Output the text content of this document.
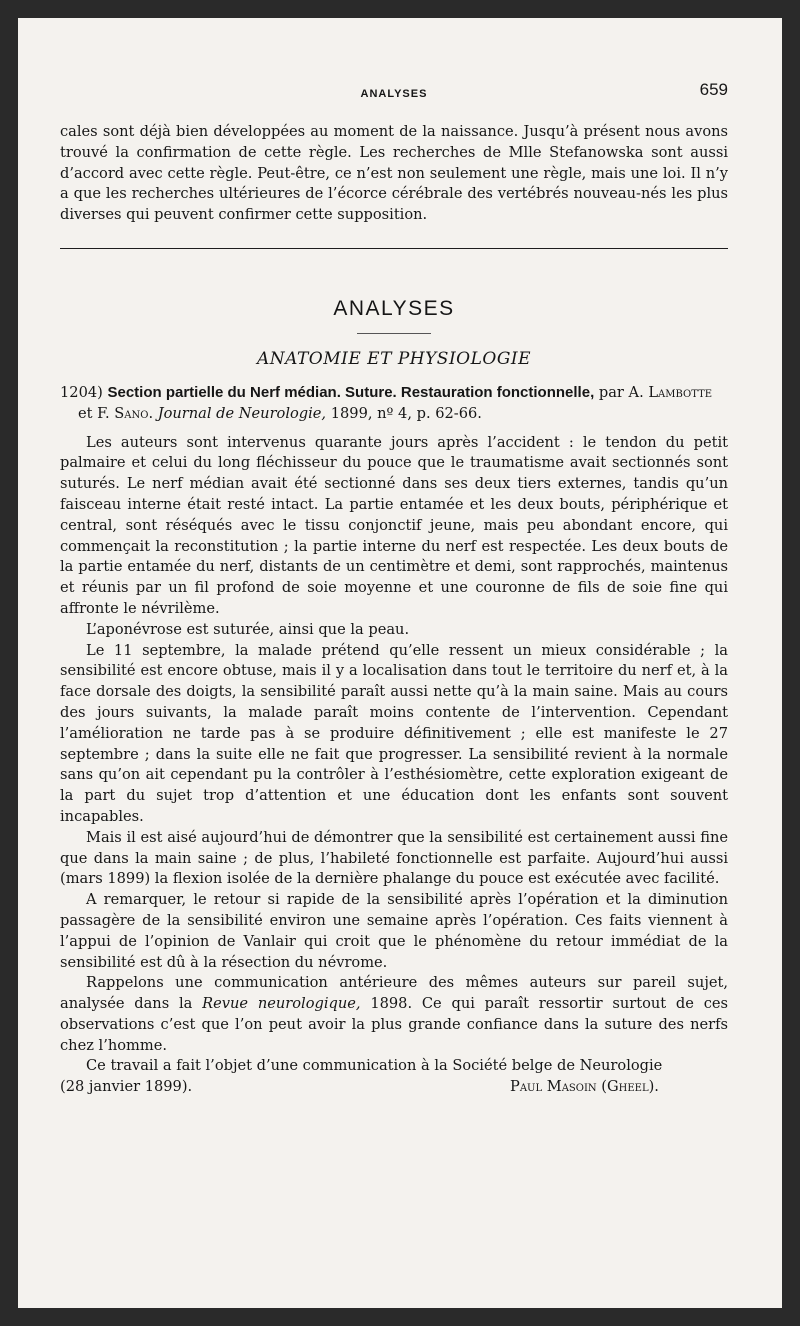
ANALYSES	659

cales sont déjà bien développées au moment de la naissance. Jusqu’à présent nous avons trouvé la confirmation de cette règle. Les recherches de Mlle Stefanowska sont aussi d’accord avec cette règle. Peut-être, ce n’est non seulement une règle, mais une loi. Il n’y a que les recherches ultérieures de l’écorce cérébrale des vertébrés nouveau-nés les plus diverses qui peuvent confirmer cette supposition.

ANALYSES
ANATOMIE ET PHYSIOLOGIE

1204) Section partielle du Nerf médian. Suture. Restauration fonctionnelle, par A. Lambotte et F. Sano. Journal de Neurologie, 1899, nº 4, p. 62-66.

Les auteurs sont intervenus quarante jours après l’accident : le tendon du petit palmaire et celui du long fléchisseur du pouce que le traumatisme avait sectionnés sont suturés. Le nerf médian avait été sectionné dans ses deux tiers externes, tandis qu’un faisceau interne était resté intact. La partie entamée et les deux bouts, périphérique et central, sont réséqués avec le tissu conjonctif jeune, mais peu abondant encore, qui commençait la reconstitution ; la partie interne du nerf est respectée. Les deux bouts de la partie entamée du nerf, distants de un centimètre et demi, sont rapprochés, maintenus et réunis par un fil profond de soie moyenne et une couronne de fils de soie fine qui affronte le névrilème.

L’aponévrose est suturée, ainsi que la peau.

Le 11 septembre, la malade prétend qu’elle ressent un mieux considérable ; la sensibilité est encore obtuse, mais il y a localisation dans tout le territoire du nerf et, à la face dorsale des doigts, la sensibilité paraît aussi nette qu’à la main saine. Mais au cours des jours suivants, la malade paraît moins contente de l’intervention. Cependant l’amélioration ne tarde pas à se produire définitivement ; elle est manifeste le 27 septembre ; dans la suite elle ne fait que progresser. La sensibilité revient à la normale sans qu’on ait cependant pu la contrôler à l’esthésiomètre, cette exploration exigeant de la part du sujet trop d’attention et une éducation dont les enfants sont souvent incapables.

Mais il est aisé aujourd’hui de démontrer que la sensibilité est certainement aussi fine que dans la main saine ; de plus, l’habileté fonctionnelle est parfaite. Aujourd’hui aussi (mars 1899) la flexion isolée de la dernière phalange du pouce est exécutée avec facilité.

A remarquer, le retour si rapide de la sensibilité après l’opération et la diminution passagère de la sensibilité environ une semaine après l’opération. Ces faits viennent à l’appui de l’opinion de Vanlair qui croit que le phénomène du retour immédiat de la sensibilité est dû à la résection du névrome.

Rappelons une communication antérieure des mêmes auteurs sur pareil sujet, analysée dans la Revue neurologique, 1898. Ce qui paraît ressortir surtout de ces observations c’est que l’on peut avoir la plus grande confiance dans la suture des nerfs chez l’homme.

Ce travail a fait l’objet d’une communication à la Société belge de Neurologie

(28 janvier 1899).	Paul Masoin (Gheel).
